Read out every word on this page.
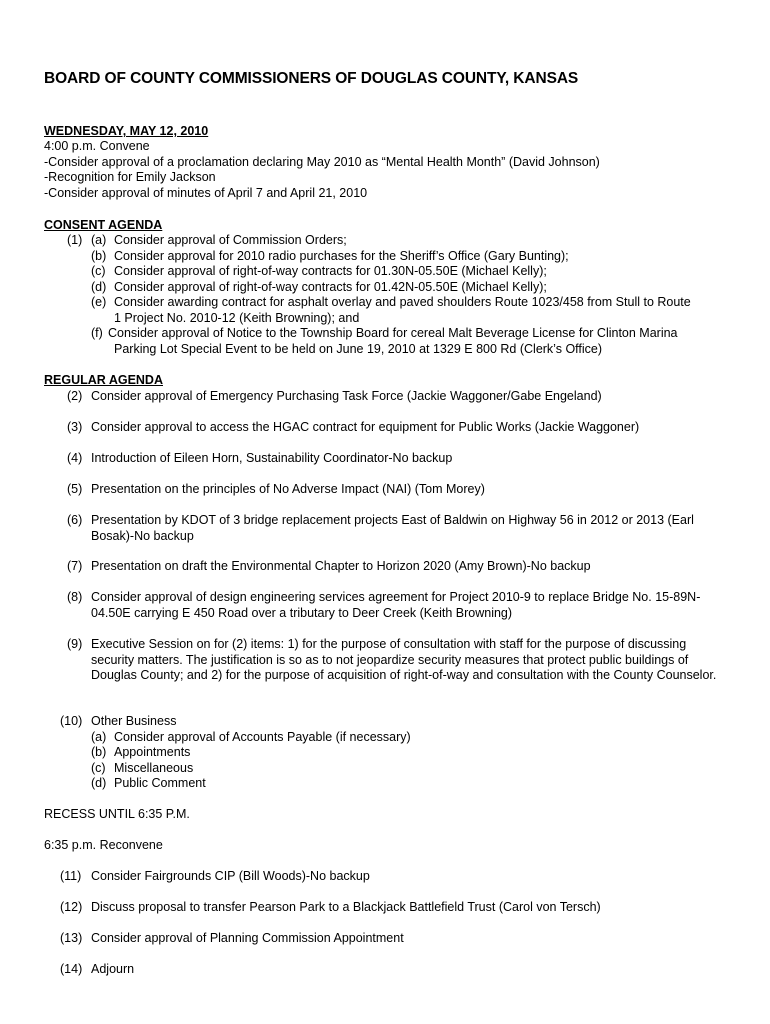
BOARD OF COUNTY COMMISSIONERS OF DOUGLAS COUNTY, KANSAS
WEDNESDAY, MAY 12, 2010
4:00 p.m. Convene
-Consider approval of a proclamation declaring May 2010 as “Mental Health Month” (David Johnson)
-Recognition for Emily Jackson
-Consider approval of minutes of April 7 and April 21, 2010
CONSENT AGENDA
(1) (a) Consider approval of Commission Orders;
(b) Consider approval for 2010 radio purchases for the Sheriff’s Office (Gary Bunting);
(c) Consider approval of right-of-way contracts for 01.30N-05.50E (Michael Kelly);
(d) Consider approval of right-of-way contracts for 01.42N-05.50E (Michael Kelly);
(e) Consider awarding contract for asphalt overlay and paved shoulders Route 1023/458 from Stull to Route
1 Project No. 2010-12 (Keith Browning); and
(f) Consider approval of Notice to the Township Board for cereal Malt Beverage License for Clinton Marina
Parking Lot Special Event to be held on June 19, 2010 at 1329 E 800 Rd (Clerk’s Office)
REGULAR AGENDA
(2) Consider approval of Emergency Purchasing Task Force (Jackie Waggoner/Gabe Engeland)
(3) Consider approval to access the HGAC contract for equipment for Public Works (Jackie Waggoner)
(4) Introduction of Eileen Horn, Sustainability Coordinator-No backup
(5) Presentation on the principles of No Adverse Impact (NAI) (Tom Morey)
(6) Presentation by KDOT of 3 bridge replacement projects East of Baldwin on Highway 56 in 2012 or 2013 (Earl Bosak)-No backup
(7) Presentation on draft the Environmental Chapter to Horizon 2020 (Amy Brown)-No backup
(8) Consider approval of design engineering services agreement for Project 2010-9 to replace Bridge No. 15-89N-04.50E carrying E 450 Road over a tributary to Deer Creek (Keith Browning)
(9) Executive Session on for (2) items: 1) for the purpose of consultation with staff for the purpose of discussing security matters. The justification is so as to not jeopardize security measures that protect public buildings of Douglas County; and 2) for the purpose of acquisition of right-of-way and consultation with the County Counselor.
(10) Other Business
(a) Consider approval of Accounts Payable (if necessary)
(b) Appointments
(c) Miscellaneous
(d) Public Comment
RECESS UNTIL 6:35 P.M.
6:35 p.m. Reconvene
(11) Consider Fairgrounds CIP (Bill Woods)-No backup
(12) Discuss proposal to transfer Pearson Park to a Blackjack Battlefield Trust (Carol von Tersch)
(13) Consider approval of Planning Commission Appointment
(14) Adjourn
